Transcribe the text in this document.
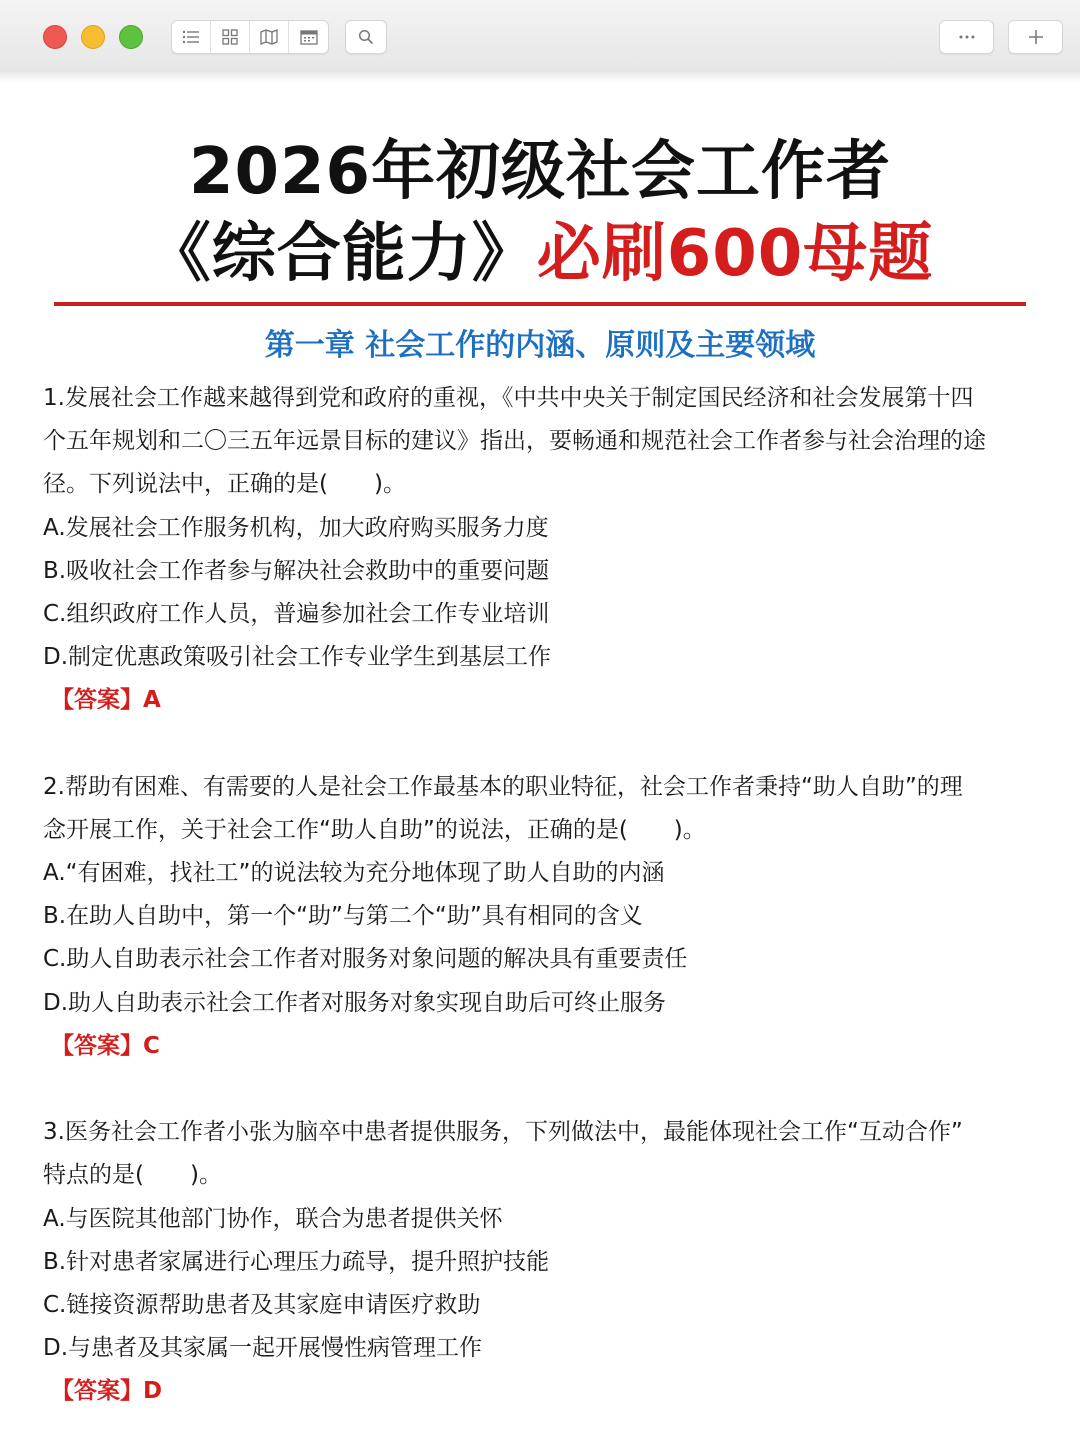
2026年初级社会工作者
《综合能力》必刷600母题
第一章 社会工作的内涵、原则及主要领域
1.发展社会工作越来越得到党和政府的重视，《中共中央关于制定国民经济和社会发展第十四
个五年规划和二〇三五年远景目标的建议》指出，要畅通和规范社会工作者参与社会治理的途
径。下列说法中，正确的是(　　)。
A.发展社会工作服务机构，加大政府购买服务力度
B.吸收社会工作者参与解决社会救助中的重要问题
C.组织政府工作人员，普遍参加社会工作专业培训
D.制定优惠政策吸引社会工作专业学生到基层工作
【答案】A
2.帮助有困难、有需要的人是社会工作最基本的职业特征，社会工作者秉持“助人自助”的理
念开展工作，关于社会工作“助人自助”的说法，正确的是(　　)。
A.“有困难，找社工”的说法较为充分地体现了助人自助的内涵
B.在助人自助中，第一个“助”与第二个“助”具有相同的含义
C.助人自助表示社会工作者对服务对象问题的解决具有重要责任
D.助人自助表示社会工作者对服务对象实现自助后可终止服务
【答案】C
3.医务社会工作者小张为脑卒中患者提供服务，下列做法中，最能体现社会工作“互动合作”
特点的是(　　)。
A.与医院其他部门协作，联合为患者提供关怀
B.针对患者家属进行心理压力疏导，提升照护技能
C.链接资源帮助患者及其家庭申请医疗救助
D.与患者及其家属一起开展慢性病管理工作
【答案】D
